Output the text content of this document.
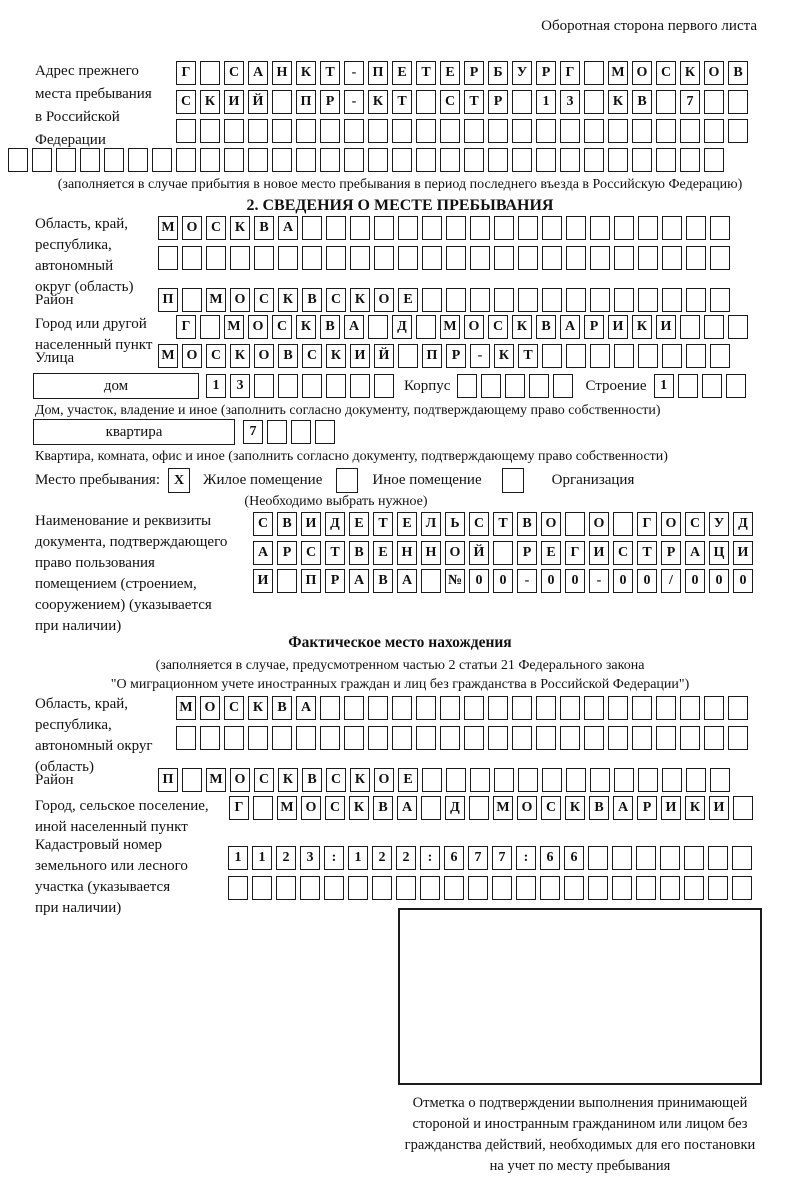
Оборотная сторона первого листа
Адрес прежнего
места пребывания
в Российской
Федерации
Г	С А Н К	Т	-	П Е	Т	Е	Р	Б	У	Р	Г	М О С К О В
С К И Й	П	Р	-	К	Т	С	Т	Р	1	3	К	В	7
(заполняется в случае прибытия в новое место пребывания в период последнего въезда в Российскую Федерацию)
2. СВЕДЕНИЯ О МЕСТЕ ПРЕБЫВАНИЯ
Область, край,
республика,
автономный
округ (область)
М О С К	В	А
Район	П	М О С К	В	С К О Е
Город или другой
населенный пункт
Г	М О С К	В	А	Д	М О С К	В	А	Р	И К И
Улица	М О С К О В	С К И Й	П	Р	-	К	Т
дом	1	3	Корпус	Строение 1
Дом, участок, владение и иное (заполнить согласно документу, подтверждающему право собственности)
квартира	7
Квартира, комната, офис и иное (заполнить согласно документу, подтверждающему право собственности)
Место пребывания: X	Жилое помещение	Иное помещение	Организация
(Необходимо выбрать нужное)
Наименование и реквизиты
документа, подтверждающего
право пользования
помещением (строением,
сооружением) (указывается
при наличии)
С	В И Д	Е	Т	Е	Л	Ь	С	Т	В О	О	Г	О С У	Д
А	Р	С	Т	В	Е Н Н О Й	Р	Е	Г	И С	Т	Р	А Ц И
И	П	Р	А	В	А	№ 0	0	-	0	0	-	0	0	/	0	0	0
Фактическое место нахождения
(заполняется в случае, предусмотренном частью 2 статьи 21 Федерального закона
"О миграционном учете иностранных граждан и лиц без гражданства в Российской Федерации")
Область, край,
республика,
автономный округ
(область)
М О С К	В	А
Район	П	М О С К	В	С К О Е
Город, сельское поселение,
иной населенный пункт
Г	М О С К	В	А	Д	М О С К	В	А	Р	И К И
Кадастровый номер
земельного или лесного
участка (указывается
при наличии)
1	1	2	3	:	1	2	2	:	6	7	7	:	6	6
Отметка о подтверждении выполнения принимающей
стороной и иностранным гражданином или лицом без
гражданства действий, необходимых для его постановки
на учет по месту пребывания
